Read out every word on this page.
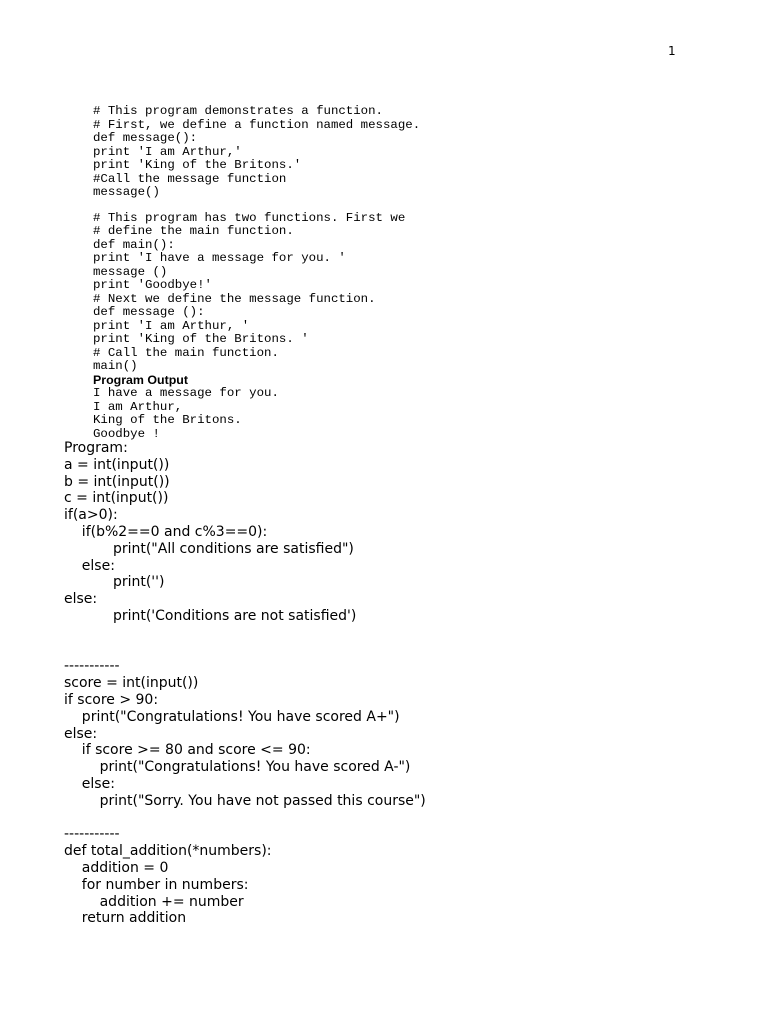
1
# This program demonstrates a function.
# First, we define a function named message.
def message():
print 'I am Arthur,'
print 'King of the Britons.'
#Call the message function
message()
# This program has two functions. First we
# define the main function.
def main():
print 'I have a message for you. '
message ()
print 'Goodbye!'
# Next we define the message function.
def message ():
print 'I am Arthur, '
print 'King of the Britons. '
# Call the main function.
main()
Program Output
I have a message for you.
I am Arthur,
King of the Britons.
Goodbye !
Program:
a = int(input())
b = int(input())
c = int(input())
if(a>0):
if(b%2==0 and c%3==0):
print("All conditions are satisfied")
else:
print('')
else:
print('Conditions are not satisfied')
-----------
score = int(input())
if score > 90:
print("Congratulations! You have scored A+")
else:
if score >= 80 and score <= 90:
print("Congratulations! You have scored A-")
else:
print("Sorry. You have not passed this course")
-----------
def total_addition(*numbers):
addition = 0
for number in numbers:
addition += number
return addition
